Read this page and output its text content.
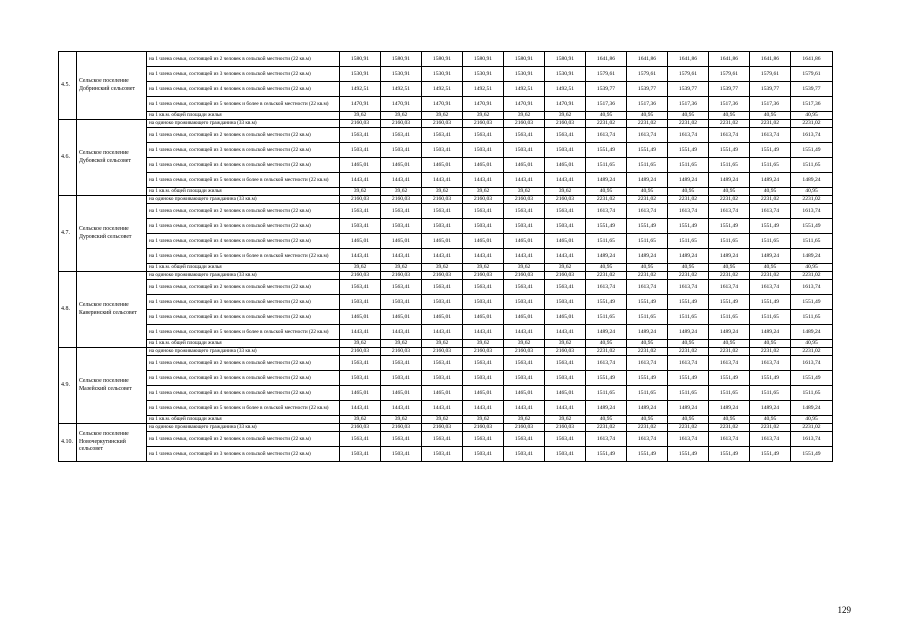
4.5.	Сельское поселение Добринский сельсовет	на 1 члена семьи, состоящей из 2 человек в сельской местности (22 кв.м)	1580,91	1580,91	1580,91	1580,91	1580,91	1580,91	1641,86	1641,86	1641,86	1641,86	1641,86	1641,86
		на 1 члена семьи, состоящей из 3 человек в сельской местности (22 кв.м)	1530,91	1530,91	1530,91	1530,91	1530,91	1530,91	1579,61	1579,61	1579,61	1579,61	1579,61	1579,61
		на 1 члена семьи, состоящей из 4 человек в сельской местности (22 кв.м)	1492,51	1492,51	1492,51	1492,51	1492,51	1492,51	1539,77	1539,77	1539,77	1539,77	1539,77	1539,77
		на 1 члена семьи, состоящей из 5 человек и более в сельской местности (22 кв.м)	1470,91	1470,91	1470,91	1470,91	1470,91	1470,91	1517,36	1517,36	1517,36	1517,36	1517,36	1517,36
		на 1 кв.м. общей площади жилья	39,62	39,62	39,62	39,62	39,62	39,62	40,95	40,95	40,95	40,95	40,95	40,95
4.6.	Сельское поселение Дубовской сельсовет	на одиноко проживающего гражданина (33 кв.м)	2160,03	2160,03	2160,03	2160,03	2160,03	2160,03	2231,02	2231,02	2231,02	2231,02	2231,02	2231,02
		на 1 члена семьи, состоящей из 2 человек в сельской местности (22 кв.м)	1563,41	1563,41	1563,41	1563,41	1563,41	1563,41	1613,74	1613,74	1613,74	1613,74	1613,74	1613,74
		на 1 члена семьи, состоящей из 3 человек в сельской местности (22 кв.м)	1503,41	1503,41	1503,41	1503,41	1503,41	1503,41	1551,49	1551,49	1551,49	1551,49	1551,49	1551,49
		на 1 члена семьи, состоящей из 4 человек в сельской местности (22 кв.м)	1465,01	1465,01	1465,01	1465,01	1465,01	1465,01	1511,65	1511,65	1511,65	1511,65	1511,65	1511,65
		на 1 члена семьи, состоящей из 5 человек и более в сельской местности (22 кв.м)	1443,41	1443,41	1443,41	1443,41	1443,41	1443,41	1489,24	1489,24	1489,24	1489,24	1489,24	1489,24
		на 1 кв.м. общей площади жилья	39,62	39,62	39,62	39,62	39,62	39,62	40,95	40,95	40,95	40,95	40,95	40,95
4.7.	Сельское поселение Дуровский сельсовет	на одиноко проживающего гражданина (33 кв.м)	2160,03	2160,03	2160,03	2160,03	2160,03	2160,03	2231,02	2231,02	2231,02	2231,02	2231,02	2231,02
		на 1 члена семьи, состоящей из 2 человек в сельской местности (22 кв.м)	1563,41	1563,41	1563,41	1563,41	1563,41	1563,41	1613,74	1613,74	1613,74	1613,74	1613,74	1613,74
		на 1 члена семьи, состоящей из 3 человек в сельской местности (22 кв.м)	1503,41	1503,41	1503,41	1503,41	1503,41	1503,41	1551,49	1551,49	1551,49	1551,49	1551,49	1551,49
		на 1 члена семьи, состоящей из 4 человек в сельской местности (22 кв.м)	1465,01	1465,01	1465,01	1465,01	1465,01	1465,01	1511,65	1511,65	1511,65	1511,65	1511,65	1511,65
		на 1 члена семьи, состоящей из 5 человек и более в сельской местности (22 кв.м)	1443,41	1443,41	1443,41	1443,41	1443,41	1443,41	1489,24	1489,24	1489,24	1489,24	1489,24	1489,24
		на 1 кв.м. общей площади жилья	39,62	39,62	39,62	39,62	39,62	39,62	40,95	40,95	40,95	40,95	40,95	40,95
4.8.	Сельское поселение Каверинский сельсовет	на одиноко проживающего гражданина (33 кв.м)	2160,03	2160,03	2160,03	2160,03	2160,03	2160,03	2231,02	2231,02	2231,02	2231,02	2231,02	2231,02
		на 1 члена семьи, состоящей из 2 человек в сельской местности (22 кв.м)	1563,41	1563,41	1563,41	1563,41	1563,41	1563,41	1613,74	1613,74	1613,74	1613,74	1613,74	1613,74
		на 1 члена семьи, состоящей из 3 человек в сельской местности (22 кв.м)	1503,41	1503,41	1503,41	1503,41	1503,41	1503,41	1551,49	1551,49	1551,49	1551,49	1551,49	1551,49
		на 1 члена семьи, состоящей из 4 человек в сельской местности (22 кв.м)	1465,01	1465,01	1465,01	1465,01	1465,01	1465,01	1511,65	1511,65	1511,65	1511,65	1511,65	1511,65
		на 1 члена семьи, состоящей из 5 человек и более в сельской местности (22 кв.м)	1443,41	1443,41	1443,41	1443,41	1443,41	1443,41	1489,24	1489,24	1489,24	1489,24	1489,24	1489,24
		на 1 кв.м. общей площади жилья	39,62	39,62	39,62	39,62	39,62	39,62	40,95	40,95	40,95	40,95	40,95	40,95
4.9.	Сельское поселение Мазейский сельсовет	на одиноко проживающего гражданина (33 кв.м)	2160,03	2160,03	2160,03	2160,03	2160,03	2160,03	2231,02	2231,02	2231,02	2231,02	2231,02	2231,02
		на 1 члена семьи, состоящей из 2 человек в сельской местности (22 кв.м)	1563,41	1563,41	1563,41	1563,41	1563,41	1563,41	1613,74	1613,74	1613,74	1613,74	1613,74	1613,74
		на 1 члена семьи, состоящей из 3 человек в сельской местности (22 кв.м)	1503,41	1503,41	1503,41	1503,41	1503,41	1503,41	1551,49	1551,49	1551,49	1551,49	1551,49	1551,49
		на 1 члена семьи, состоящей из 4 человек в сельской местности (22 кв.м)	1465,01	1465,01	1465,01	1465,01	1465,01	1465,01	1511,65	1511,65	1511,65	1511,65	1511,65	1511,65
		на 1 члена семьи, состоящей из 5 человек и более в сельской местности (22 кв.м)	1443,41	1443,41	1443,41	1443,41	1443,41	1443,41	1489,24	1489,24	1489,24	1489,24	1489,24	1489,24
		на 1 кв.м. общей площади жилья	39,62	39,62	39,62	39,62	39,62	39,62	40,95	40,95	40,95	40,95	40,95	40,95
4.10.	Сельское поселение Новочеркутинский сельсовет	на одиноко проживающего гражданина (33 кв.м)	2160,03	2160,03	2160,03	2160,03	2160,03	2160,03	2231,02	2231,02	2231,02	2231,02	2231,02	2231,02
		на 1 члена семьи, состоящей из 2 человек в сельской местности (22 кв.м)	1563,41	1563,41	1563,41	1563,41	1563,41	1563,41	1613,74	1613,74	1613,74	1613,74	1613,74	1613,74
		на 1 члена семьи, состоящей из 3 человек в сельской местности (22 кв.м)	1503,41	1503,41	1503,41	1503,41	1503,41	1503,41	1551,49	1551,49	1551,49	1551,49	1551,49	1551,49
129
